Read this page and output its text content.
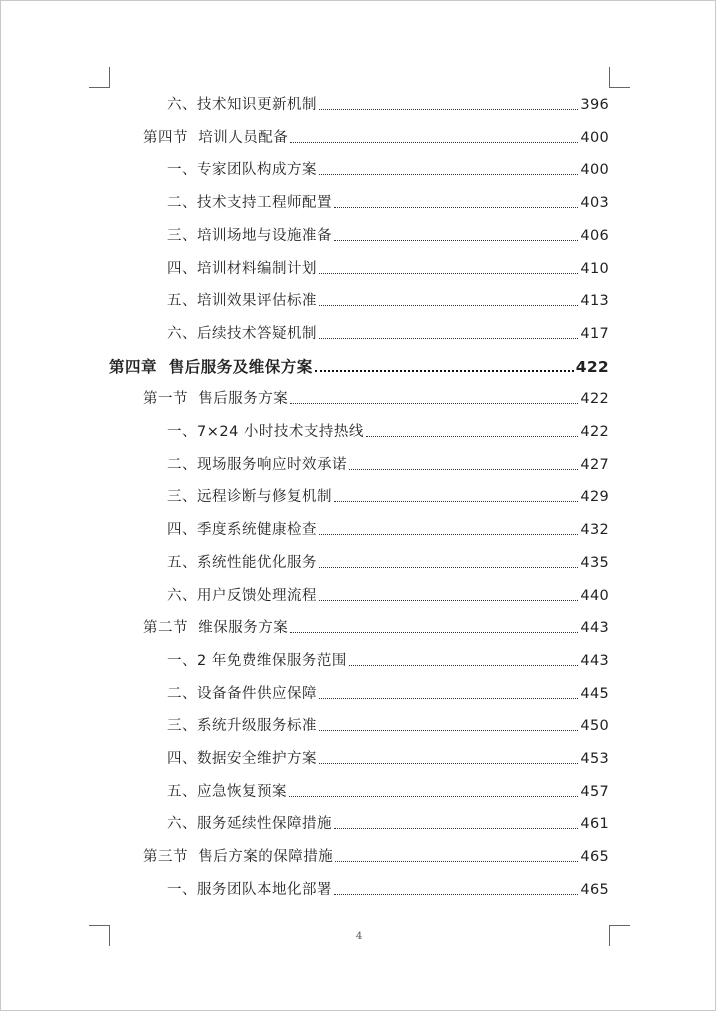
六、技术知识更新机制	396
第四节  培训人员配备	400
一、专家团队构成方案	400
二、技术支持工程师配置	403
三、培训场地与设施准备	406
四、培训材料编制计划	410
五、培训效果评估标准	413
六、后续技术答疑机制	417
第四章  售后服务及维保方案	422
第一节  售后服务方案	422
一、7×24 小时技术支持热线	422
二、现场服务响应时效承诺	427
三、远程诊断与修复机制	429
四、季度系统健康检查	432
五、系统性能优化服务	435
六、用户反馈处理流程	440
第二节  维保服务方案	443
一、2 年免费维保服务范围	443
二、设备备件供应保障	445
三、系统升级服务标准	450
四、数据安全维护方案	453
五、应急恢复预案	457
六、服务延续性保障措施	461
第三节  售后方案的保障措施	465
一、服务团队本地化部署	465
4
